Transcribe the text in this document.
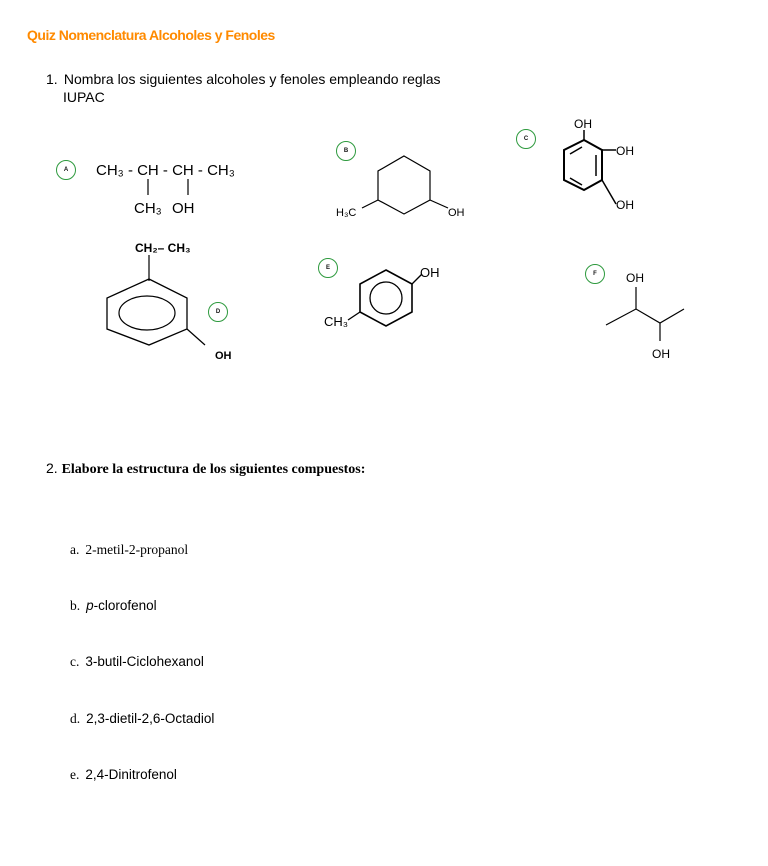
Quiz Nomenclatura Alcoholes y Fenoles
1. Nombra los siguientes alcoholes y fenoles empleando reglas
IUPAC
A	CH₃ - CH - CH - CH₃
CH₃ OH
B
H₃C	OH
C
OH
OH
OH
CH₂– CH₃
OH
D
E	OH
CH₃
F	OH
OH
2. Elabore la estructura de los siguientes compuestos:
a. 2-metil-2-propanol
b. p-clorofenol
c. 3-butil-Ciclohexanol
d. 2,3-dietil-2,6-Octadiol
e. 2,4-Dinitrofenol
